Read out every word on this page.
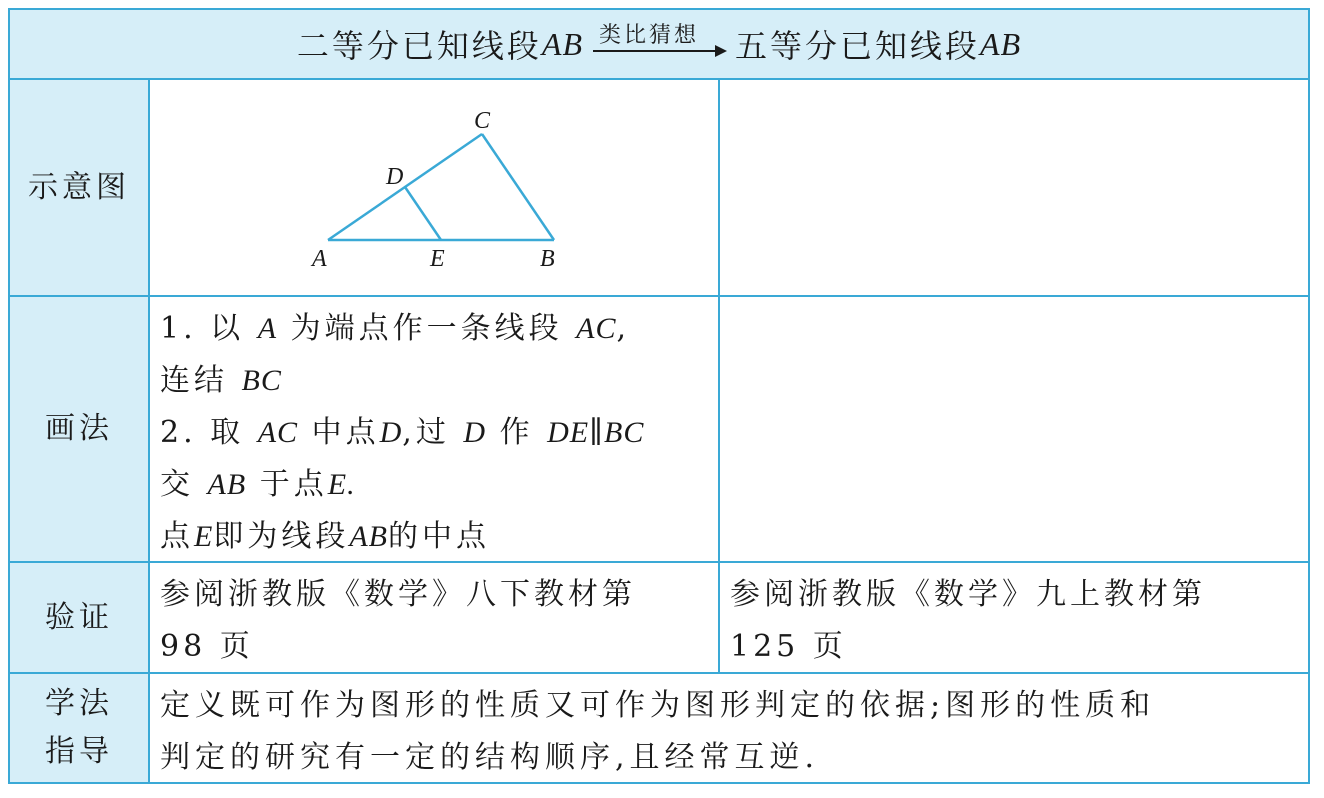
二等分已知线段 AB 类比猜想 五等分已知线段 AB
示意图
画法
验证
学法
指导
A	E	B
D
C

1. 以 A 为端点作一条线段 AC,

连结 BC

2. 取 AC 中点D,过 D 作 DE∥BC

交 AB 于点E.

点E即为线段AB的中点

参阅浙教版《数学》八下教材第

98 页

参阅浙教版《数学》九上教材第

125 页

定义既可作为图形的性质又可作为图形判定的依据;图形的性质和

判定的研究有一定的结构顺序,且经常互逆.
